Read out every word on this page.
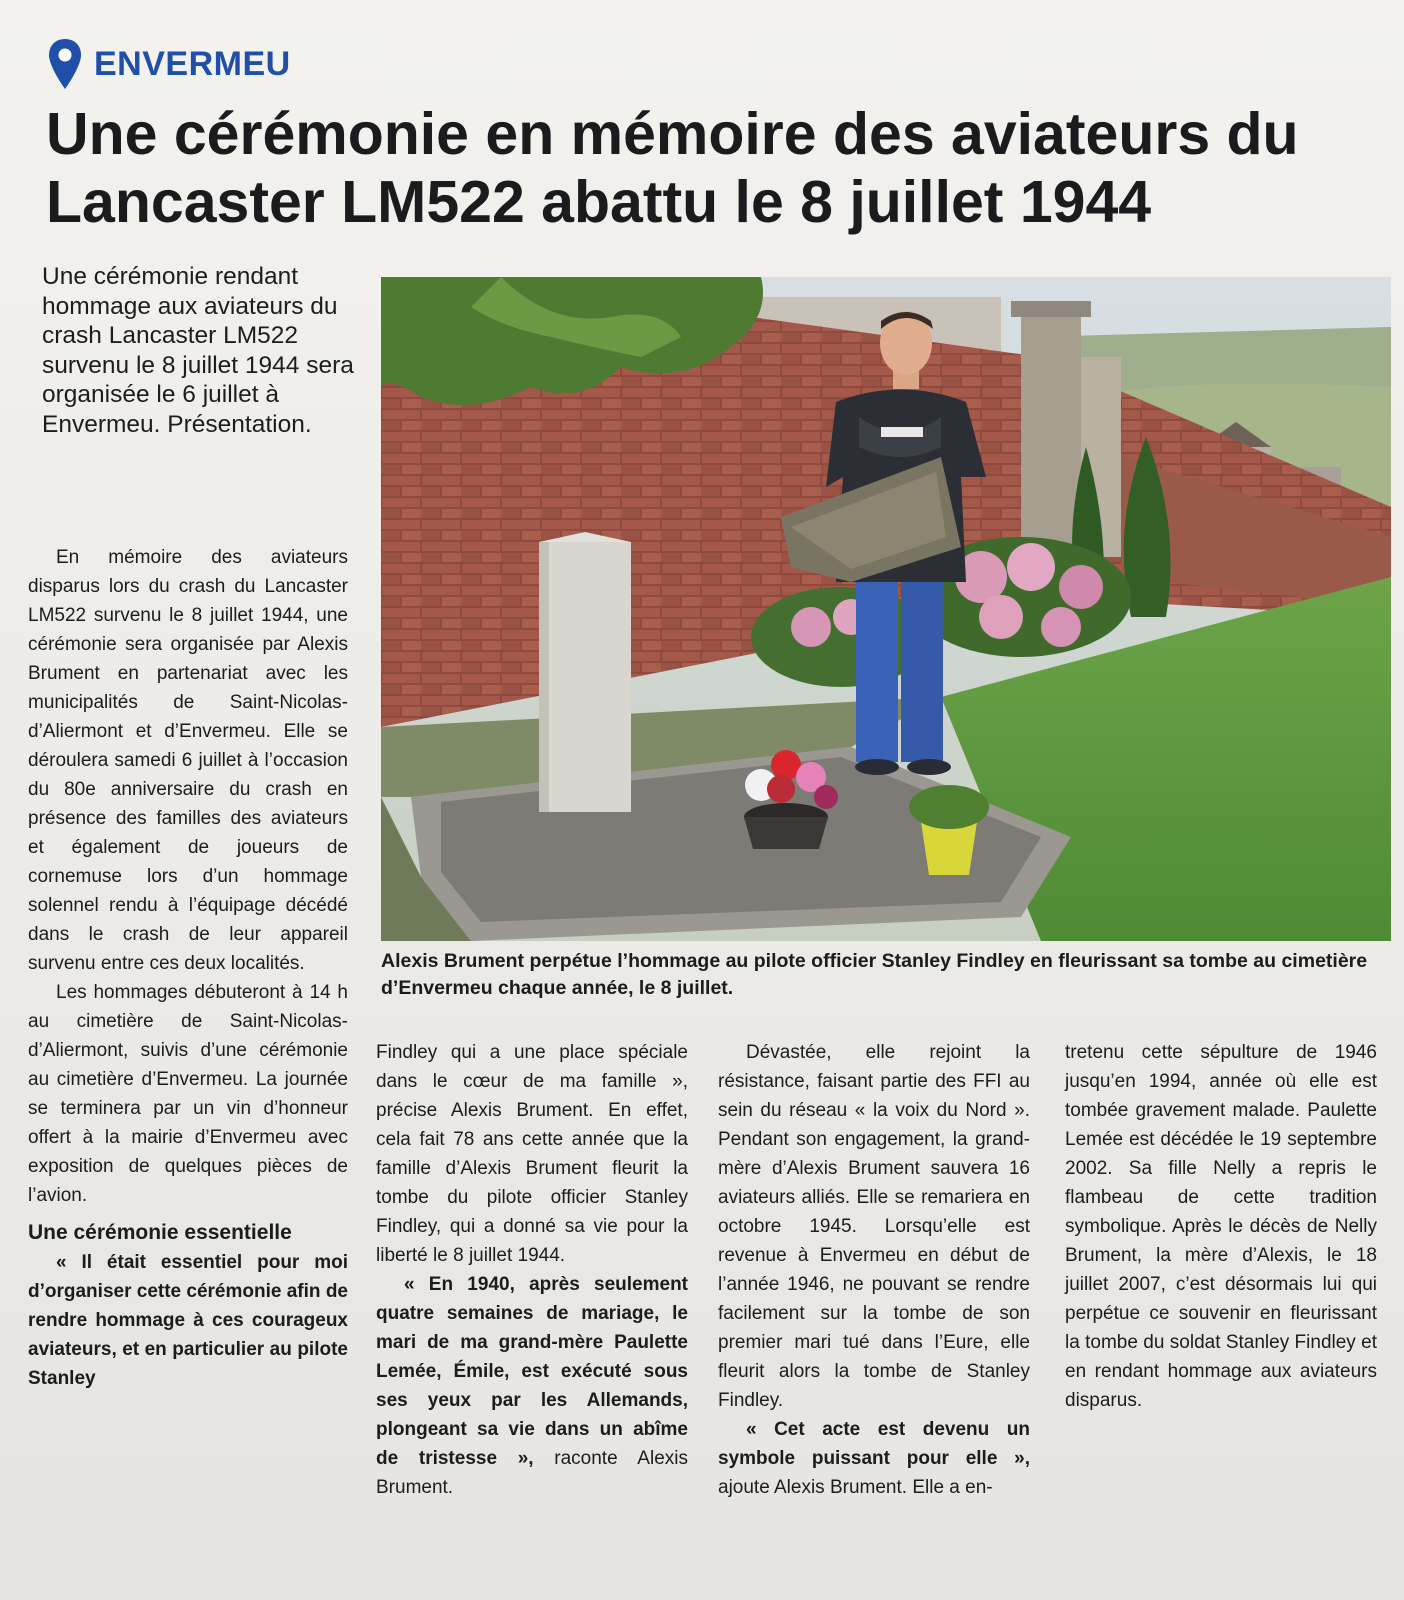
ENVERMEU
Une cérémonie en mémoire des aviateurs du Lancaster LM522 abattu le 8 juillet 1944

Une cérémonie rendant hommage aux aviateurs du crash Lancaster LM522 survenu le 8 juillet 1944 sera organisée le 6 juillet à Envermeu. Présentation.

En mémoire des aviateurs disparus lors du crash du Lancaster LM522 survenu le 8 juillet 1944, une cérémonie sera organisée par Alexis Brument en partenariat avec les municipalités de Saint-Nicolas-d’Aliermont et d’Envermeu. Elle se déroulera samedi 6 juillet à l’occasion du 80e anniversaire du crash en présence des familles des aviateurs et également de joueurs de cornemuse lors d’un hommage solennel rendu à l’équipage décédé dans le crash de leur appareil survenu entre ces deux localités.

Les hommages débuteront à 14 h au cimetière de Saint-Nicolas-d’Aliermont, suivis d’une cérémonie au cimetière d’Envermeu. La journée se terminera par un vin d’honneur offert à la mairie d’Envermeu avec exposition de quelques pièces de l’avion.

Une cérémonie essentielle

« Il était essentiel pour moi d’organiser cette cérémonie afin de rendre hommage à ces courageux aviateurs, et en particulier au pilote Stanley

Alexis Brument perpétue l’hommage au pilote officier Stanley Findley en fleurissant sa tombe au cimetière d’Envermeu chaque année, le 8 juillet.

Findley qui a une place spéciale dans le cœur de ma famille », précise Alexis Brument. En effet, cela fait 78 ans cette année que la famille d’Alexis Brument fleurit la tombe du pilote officier Stanley Findley, qui a donné sa vie pour la liberté le 8 juillet 1944.

« En 1940, après seulement quatre semaines de mariage, le mari de ma grand-mère Paulette Lemée, Émile, est exécuté sous ses yeux par les Allemands, plongeant sa vie dans un abîme de tristesse », raconte Alexis Brument.

Dévastée, elle rejoint la résistance, faisant partie des FFI au sein du réseau « la voix du Nord ». Pendant son engagement, la grand-mère d’Alexis Brument sauvera 16 aviateurs alliés. Elle se remariera en octobre 1945. Lorsqu’elle est revenue à Envermeu en début de l’année 1946, ne pouvant se rendre facilement sur la tombe de son premier mari tué dans l’Eure, elle fleurit alors la tombe de Stanley Findley.

« Cet acte est devenu un symbole puissant pour elle », ajoute Alexis Brument. Elle a en-

tretenu cette sépulture de 1946 jusqu’en 1994, année où elle est tombée gravement malade. Paulette Lemée est décédée le 19 septembre 2002. Sa fille Nelly a repris le flambeau de cette tradition symbolique. Après le décès de Nelly Brument, la mère d’Alexis, le 18 juillet 2007, c’est désormais lui qui perpétue ce souvenir en fleurissant la tombe du soldat Stanley Findley et en rendant hommage aux aviateurs disparus.
